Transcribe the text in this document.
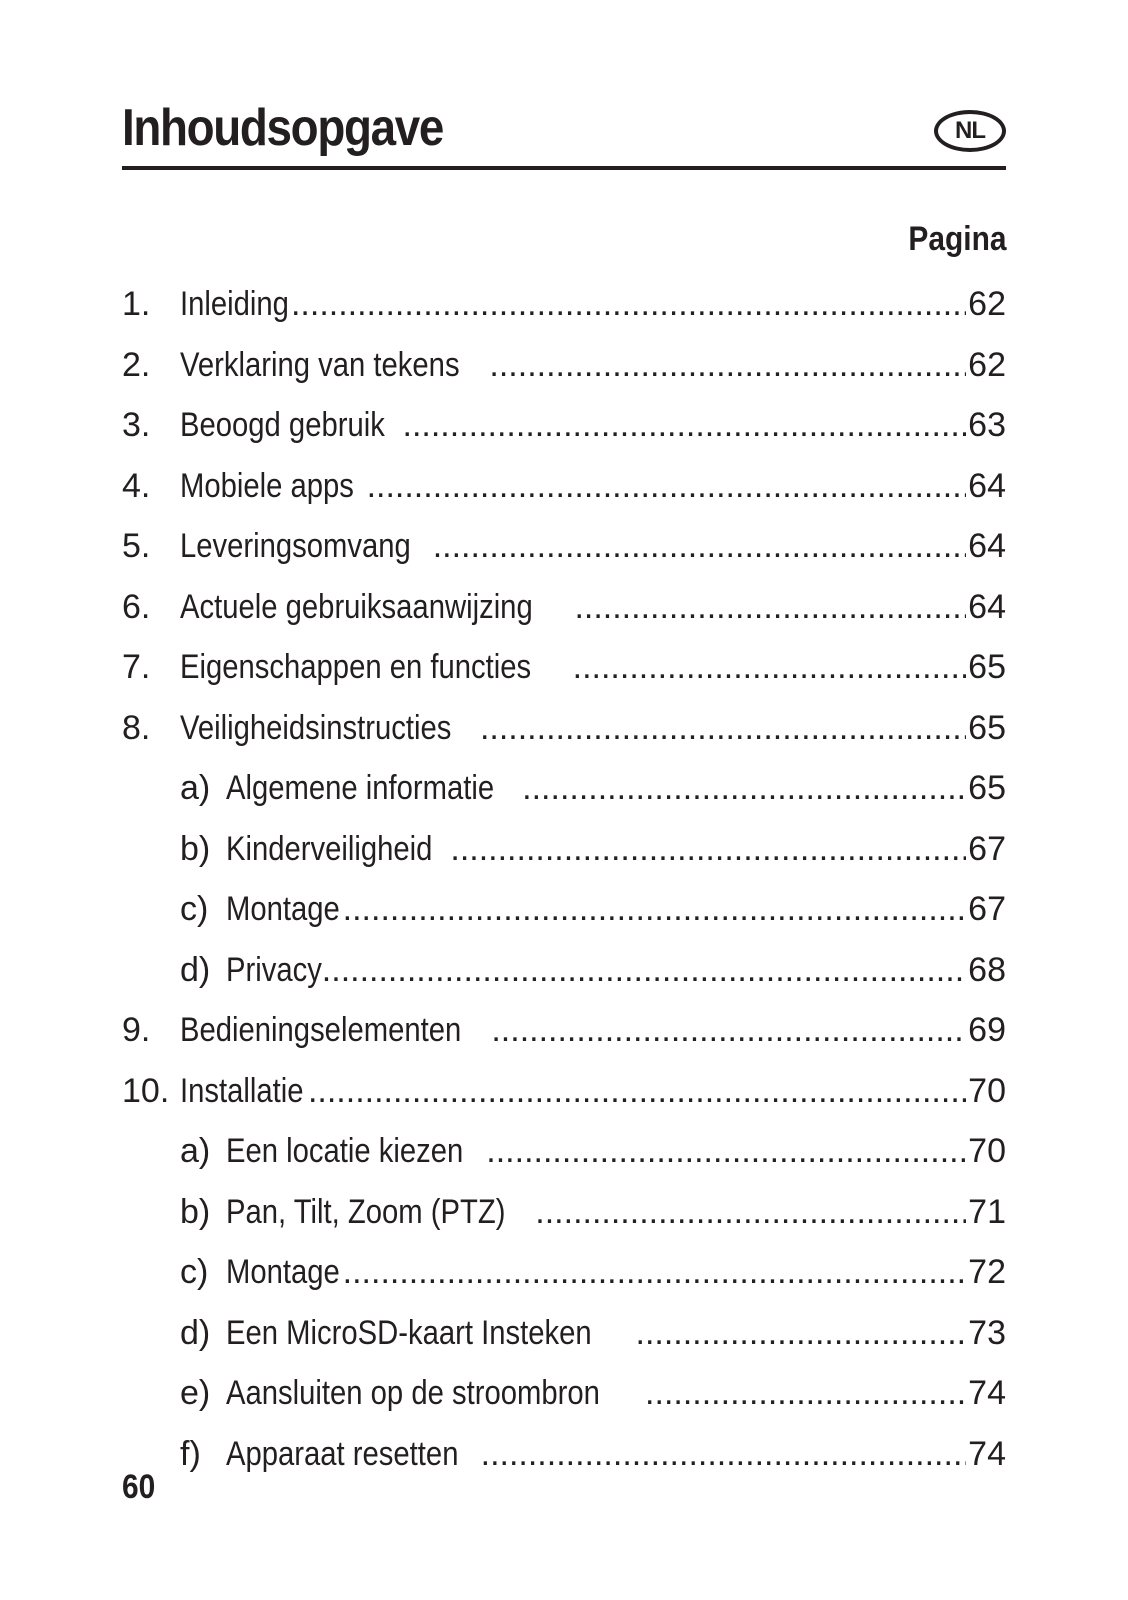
Inhoudsopgave	NL
Pagina
1. Inleiding .....	62
2. Verklaring van tekens .....	62
3. Beoogd gebruik .....	63
4. Mobiele apps .....	64
5. Leveringsomvang .....	64
6. Actuele gebruiksaanwijzing .....	64
7. Eigenschappen en functies .....	65
8. Veiligheidsinstructies .....	65
a) Algemene informatie .....	65
b) Kinderveiligheid .....	67
c) Montage .....	67
d) Privacy .....	68
9. Bedieningselementen .....	69
10. Installatie .....	70
a) Een locatie kiezen .....	70
b) Pan, Tilt, Zoom (PTZ) .....	71
c) Montage .....	72
d) Een MicroSD-kaart Insteken .....	73
e) Aansluiten op de stroombron .....	74
f) Apparaat resetten .....	74
60
